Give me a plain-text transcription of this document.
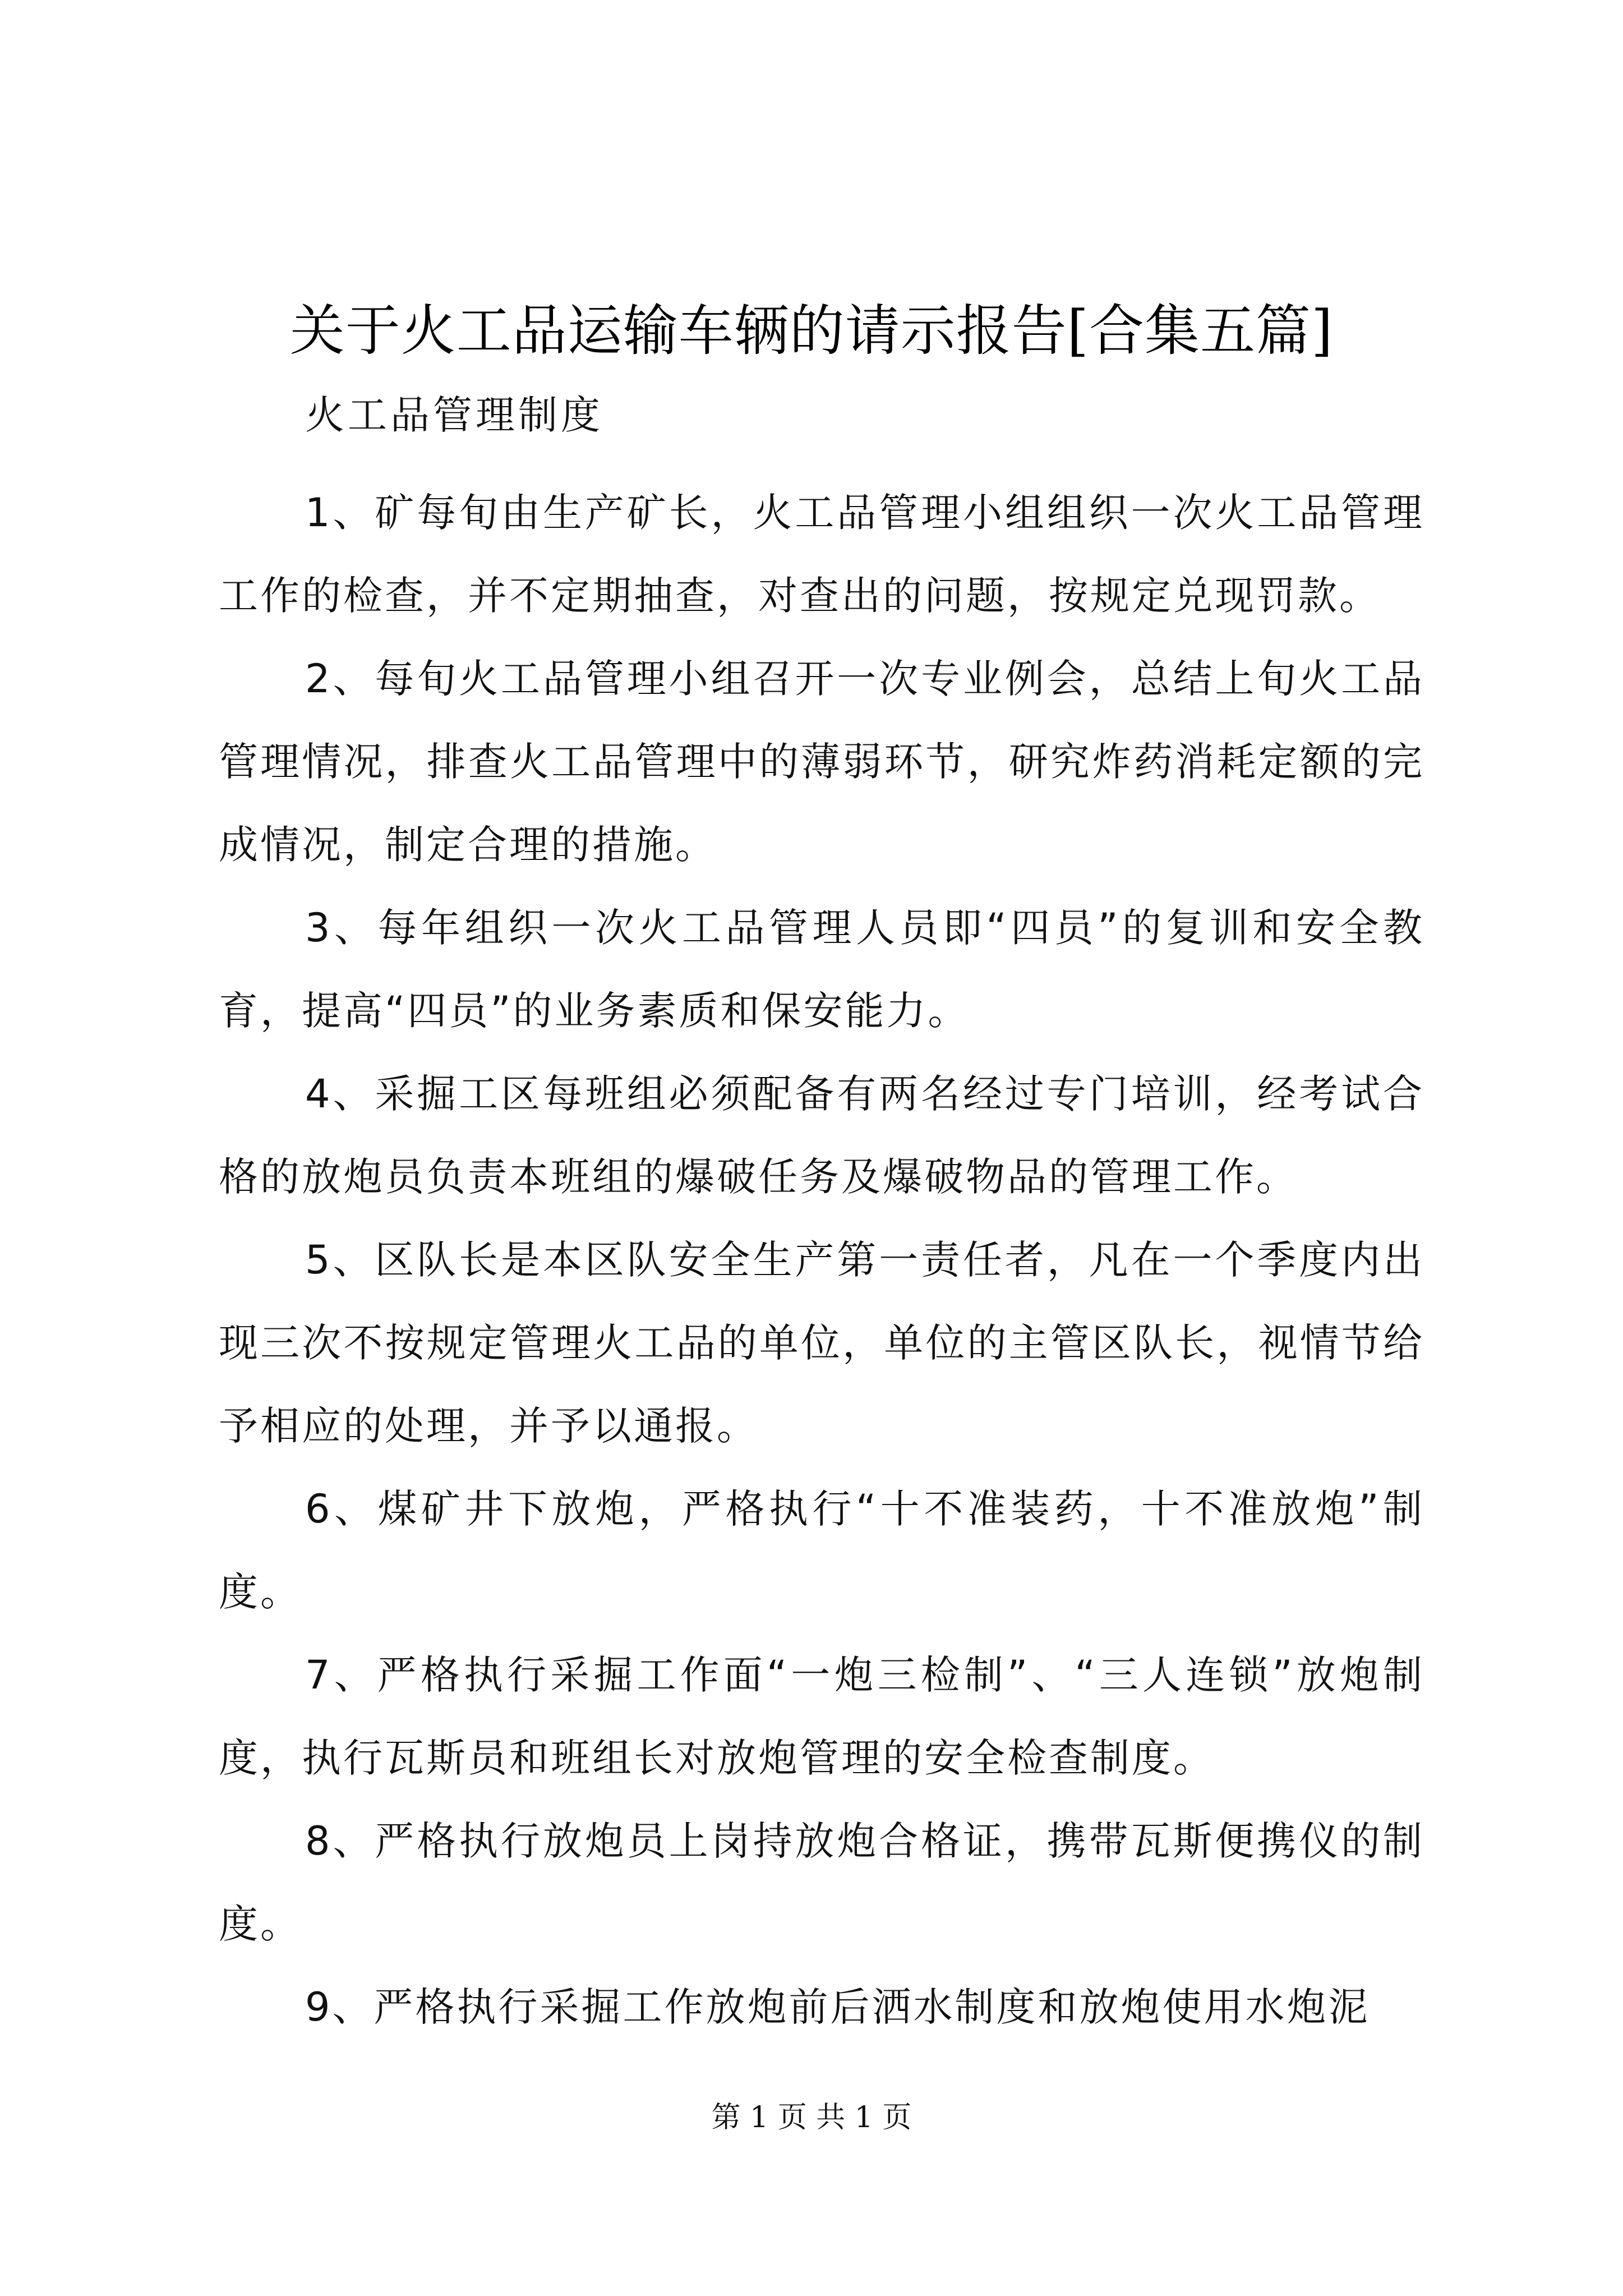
关于火工品运输车辆的请示报告[合集五篇]
火工品管理制度

1、矿每旬由生产矿长，火工品管理小组组织一次火工品管理工作的检查，并不定期抽查，对查出的问题，按规定兑现罚款。

2、每旬火工品管理小组召开一次专业例会，总结上旬火工品管理情况，排查火工品管理中的薄弱环节，研究炸药消耗定额的完成情况，制定合理的措施。

3、每年组织一次火工品管理人员即“四员”的复训和安全教育，提高“四员”的业务素质和保安能力。

4、采掘工区每班组必须配备有两名经过专门培训，经考试合格的放炮员负责本班组的爆破任务及爆破物品的管理工作。

5、区队长是本区队安全生产第一责任者，凡在一个季度内出现三次不按规定管理火工品的单位，单位的主管区队长，视情节给予相应的处理，并予以通报。

6、煤矿井下放炮，严格执行“十不准装药，十不准放炮”制度。

7、严格执行采掘工作面“一炮三检制”、“三人连锁”放炮制度，执行瓦斯员和班组长对放炮管理的安全检查制度。

8、严格执行放炮员上岗持放炮合格证，携带瓦斯便携仪的制度。

9、严格执行采掘工作放炮前后洒水制度和放炮使用水炮泥

第 1 页 共 1 页
